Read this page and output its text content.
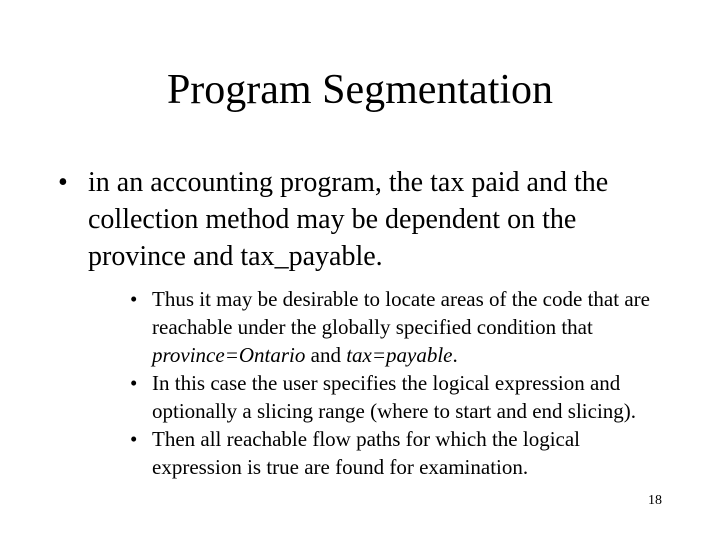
Program Segmentation
• in an accounting program, the tax paid and the collection method may be dependent on the province and tax_payable.
• Thus it may be desirable to locate areas of the code that are reachable under the globally specified condition that province=Ontario and tax=payable.
• In this case the user specifies the logical expression and optionally a slicing range (where to start and end slicing).
• Then all reachable flow paths for which the logical expression is true are found for examination.
18
